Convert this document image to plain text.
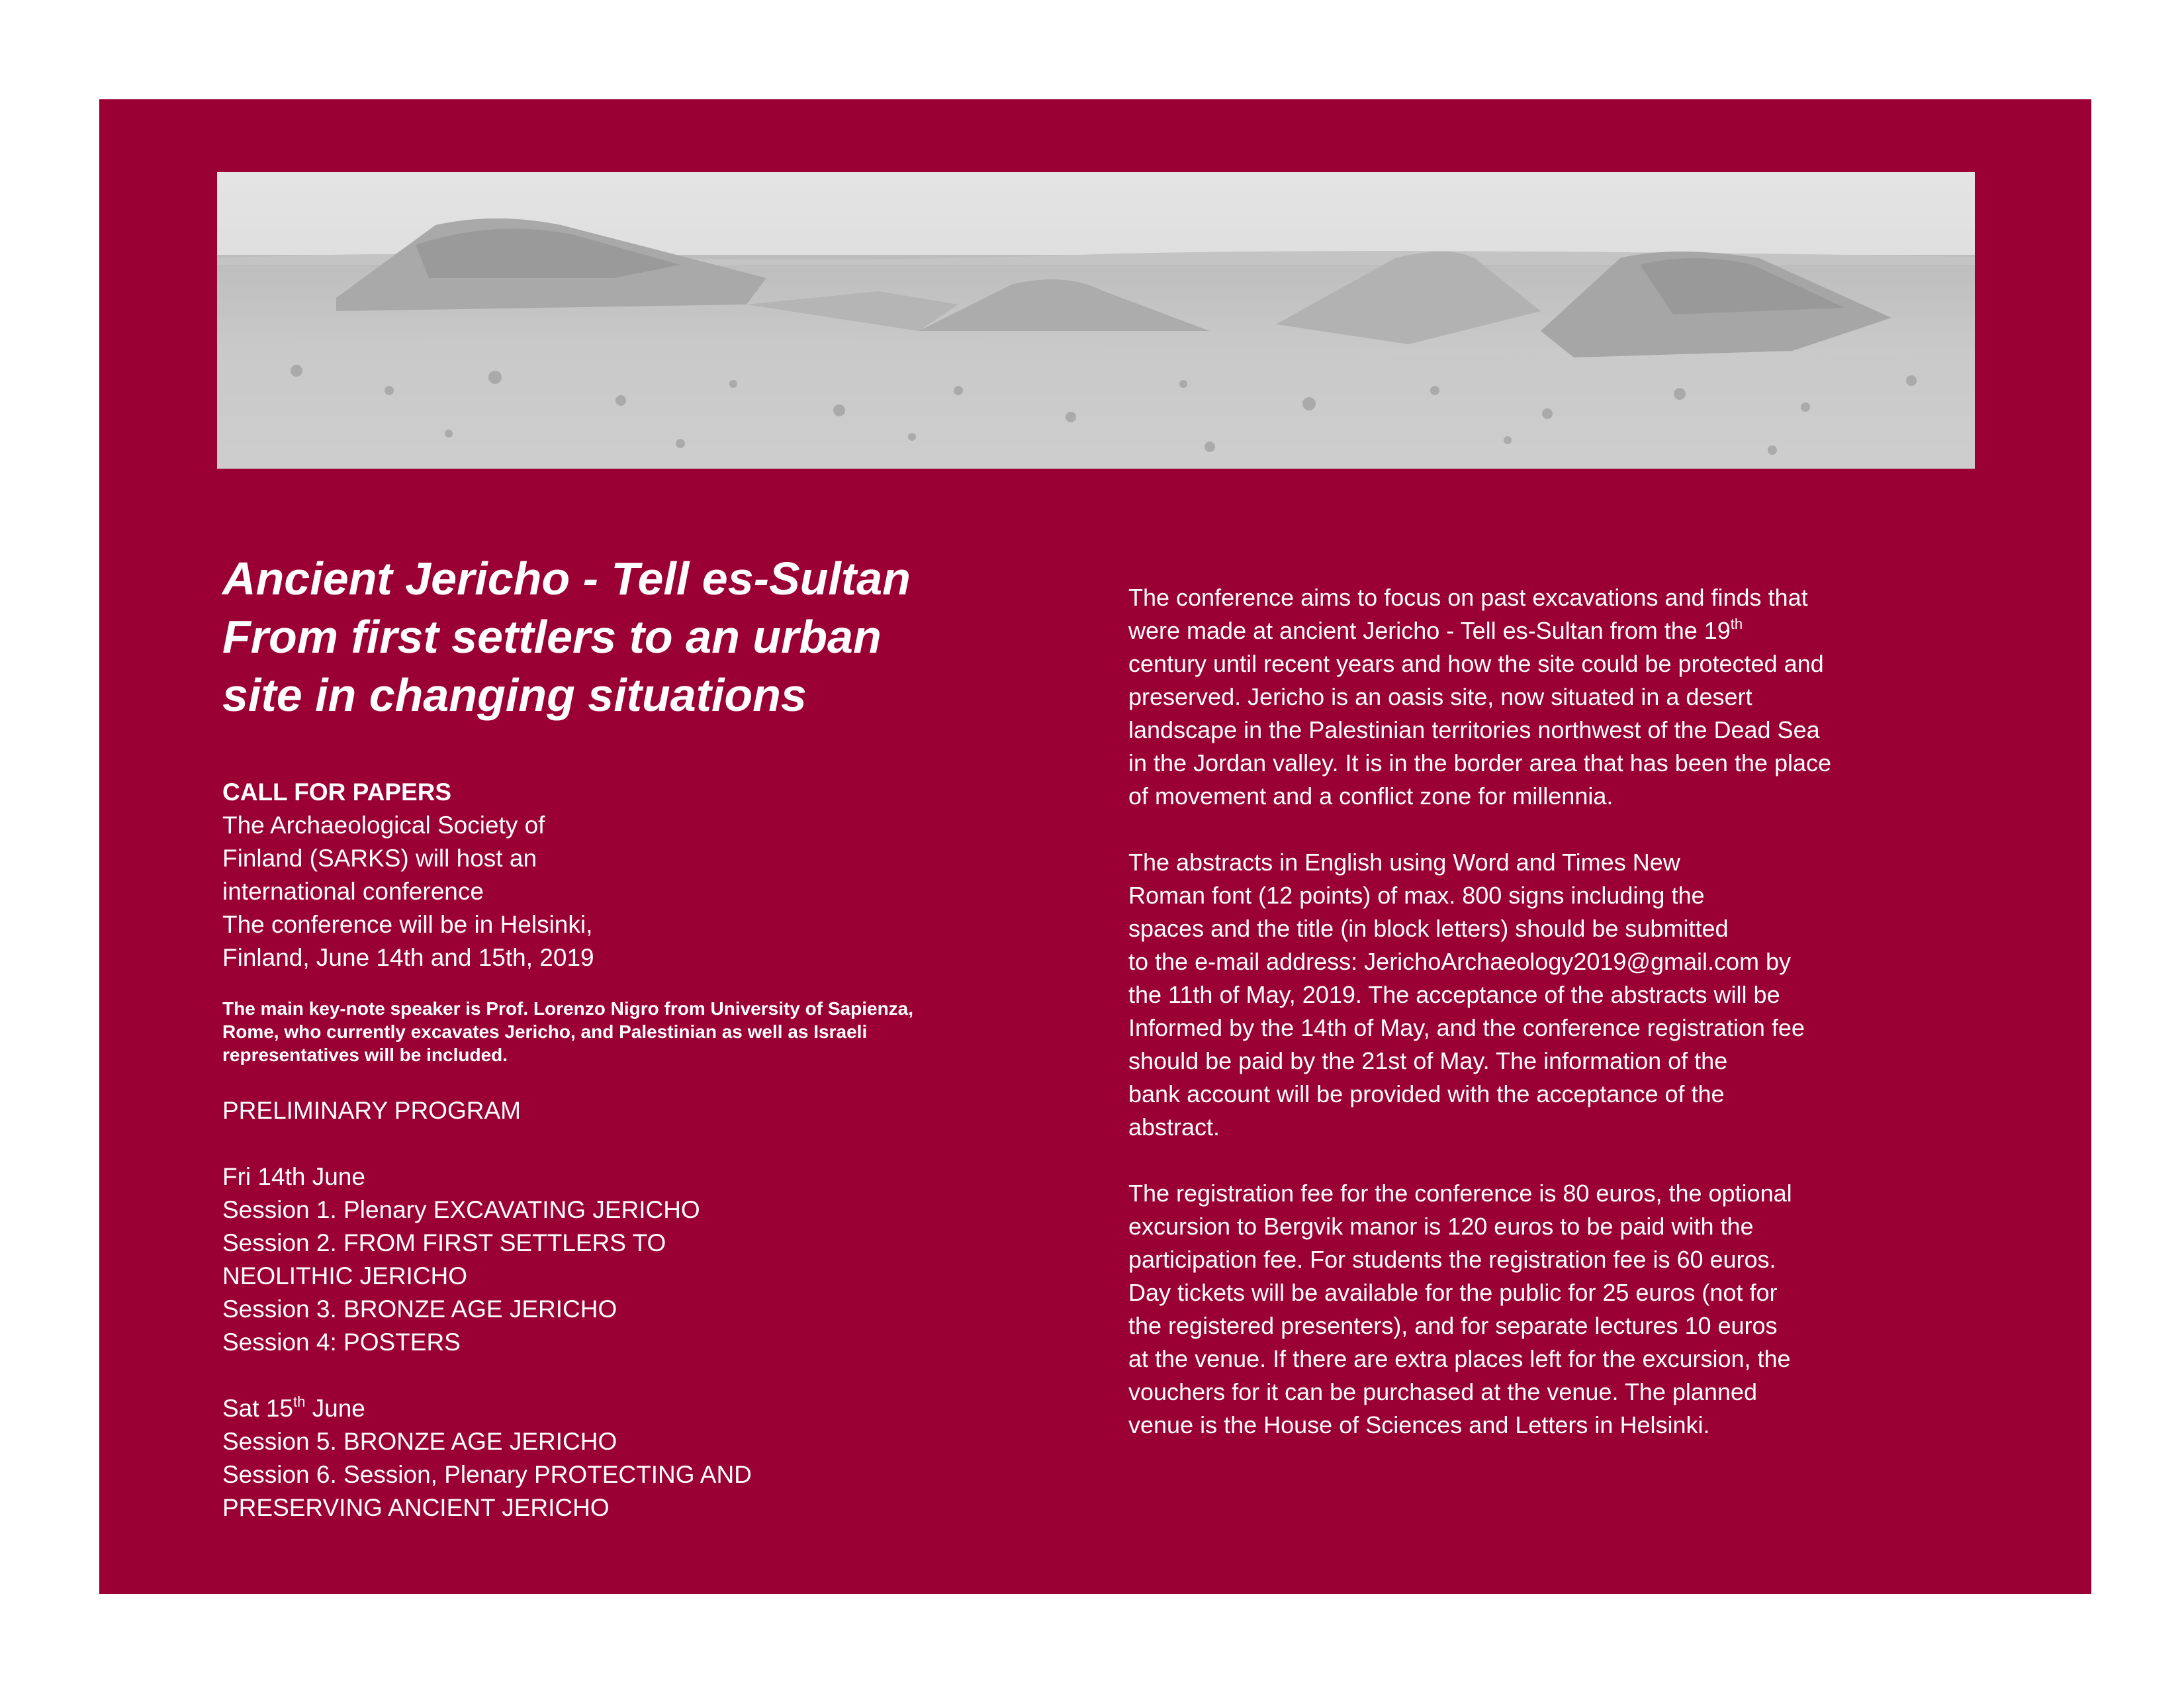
Ancient Jericho - Tell es-Sultan
From first settlers to an urban
site in changing situations
CALL FOR PAPERS
The Archaeological Society of
Finland (SARKS) will host an
international conference
The conference will be in Helsinki,
Finland, June 14th and 15th, 2019
The main key-note speaker is Prof. Lorenzo Nigro from University of Sapienza,
Rome, who currently excavates Jericho, and Palestinian as well as Israeli
representatives will be included.
PRELIMINARY PROGRAM
Fri 14th June
Session 1. Plenary EXCAVATING JERICHO
Session 2. FROM FIRST SETTLERS TO
NEOLITHIC JERICHO
Session 3. BRONZE AGE JERICHO
Session 4: POSTERS
Sat 15th June
Session 5. BRONZE AGE JERICHO
Session 6. Session, Plenary PROTECTING AND
PRESERVING ANCIENT JERICHO
The conference aims to focus on past excavations and finds that
were made at ancient Jericho - Tell es-Sultan from the 19th
century until recent years and how the site could be protected and
preserved. Jericho is an oasis site, now situated in a desert
landscape in the Palestinian territories northwest of the Dead Sea
in the Jordan valley. It is in the border area that has been the place
of movement and a conflict zone for millennia.
The abstracts in English using Word and Times New
Roman font (12 points) of max. 800 signs including the
spaces and the title (in block letters) should be submitted
to the e-mail address: JerichoArchaeology2019@gmail.com by
the 11th of May, 2019. The acceptance of the abstracts will be
Informed by the 14th of May, and the conference registration fee
should be paid by the 21st of May. The information of the
bank account will be provided with the acceptance of the
abstract.
The registration fee for the conference is 80 euros, the optional
excursion to Bergvik manor is 120 euros to be paid with the
participation fee. For students the registration fee is 60 euros.
Day tickets will be available for the public for 25 euros (not for
the registered presenters), and for separate lectures 10 euros
at the venue. If there are extra places left for the excursion, the
vouchers for it can be purchased at the venue. The planned
venue is the House of Sciences and Letters in Helsinki.
